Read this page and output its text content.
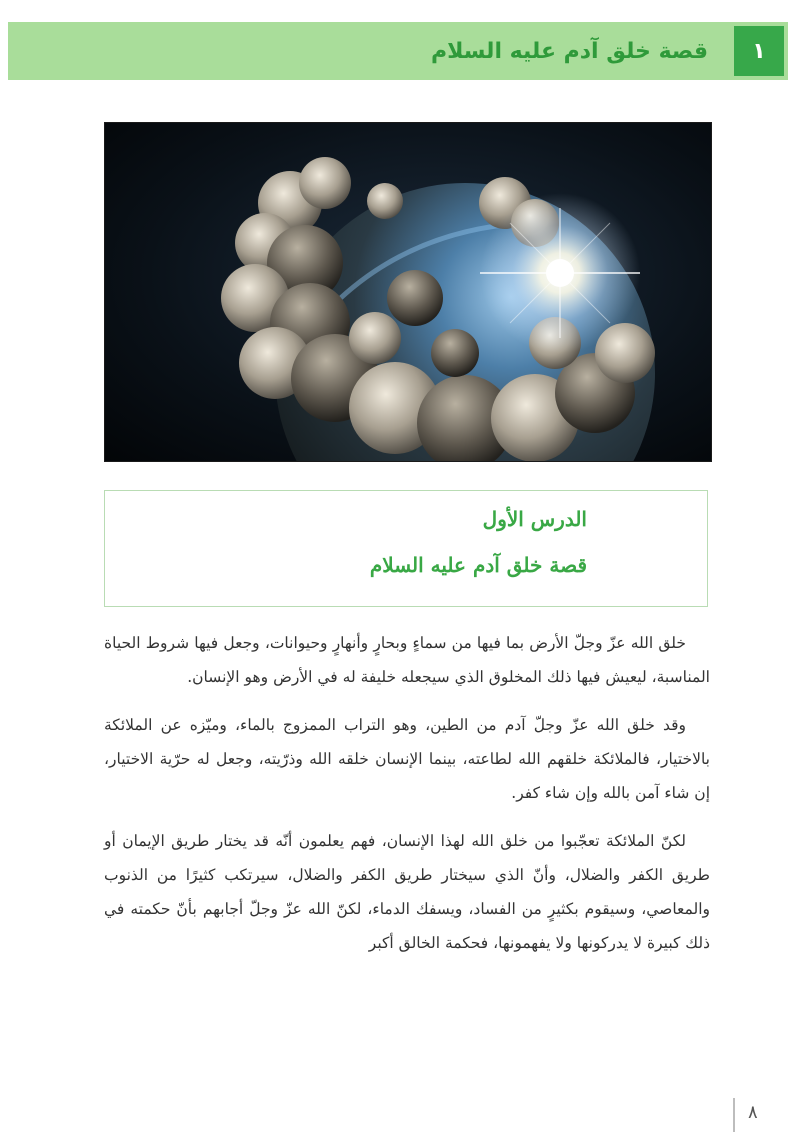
١
قصة خلق آدم عليه السلام
الدرس الأول
قصة خلق آدم عليه السلام

خلق الله عزّ وجلّ الأرض بما فيها من سماءٍ وبحارٍ وأنهارٍ وحيوانات، وجعل فيها شروط الحياة المناسبة، ليعيش فيها ذلك المخلوق الذي سيجعله خليفة له في الأرض وهو الإنسان.

وقد خلق الله عزّ وجلّ آدم من الطين، وهو التراب الممزوج بالماء، وميّزه عن الملائكة بالاختيار، فالملائكة خلقهم الله لطاعته، بينما الإنسان خلقه الله وذرّيته، وجعل له حرّية الاختيار، إن شاء آمن بالله وإن شاء كفر.

لكنّ الملائكة تعجّبوا من خلق الله لهذا الإنسان، فهم يعلمون أنّه قد يختار طريق الإيمان أو طريق الكفر والضلال، وأنّ الذي سيختار طريق الكفر والضلال، سيرتكب كثيرًا من الذنوب والمعاصي، وسيقوم بكثيرٍ من الفساد، ويسفك الدماء، لكنّ الله عزّ وجلّ أجابهم بأنّ حكمته في ذلك كبيرة لا يدركونها ولا يفهمونها، فحكمة الخالق أكبر

٨
